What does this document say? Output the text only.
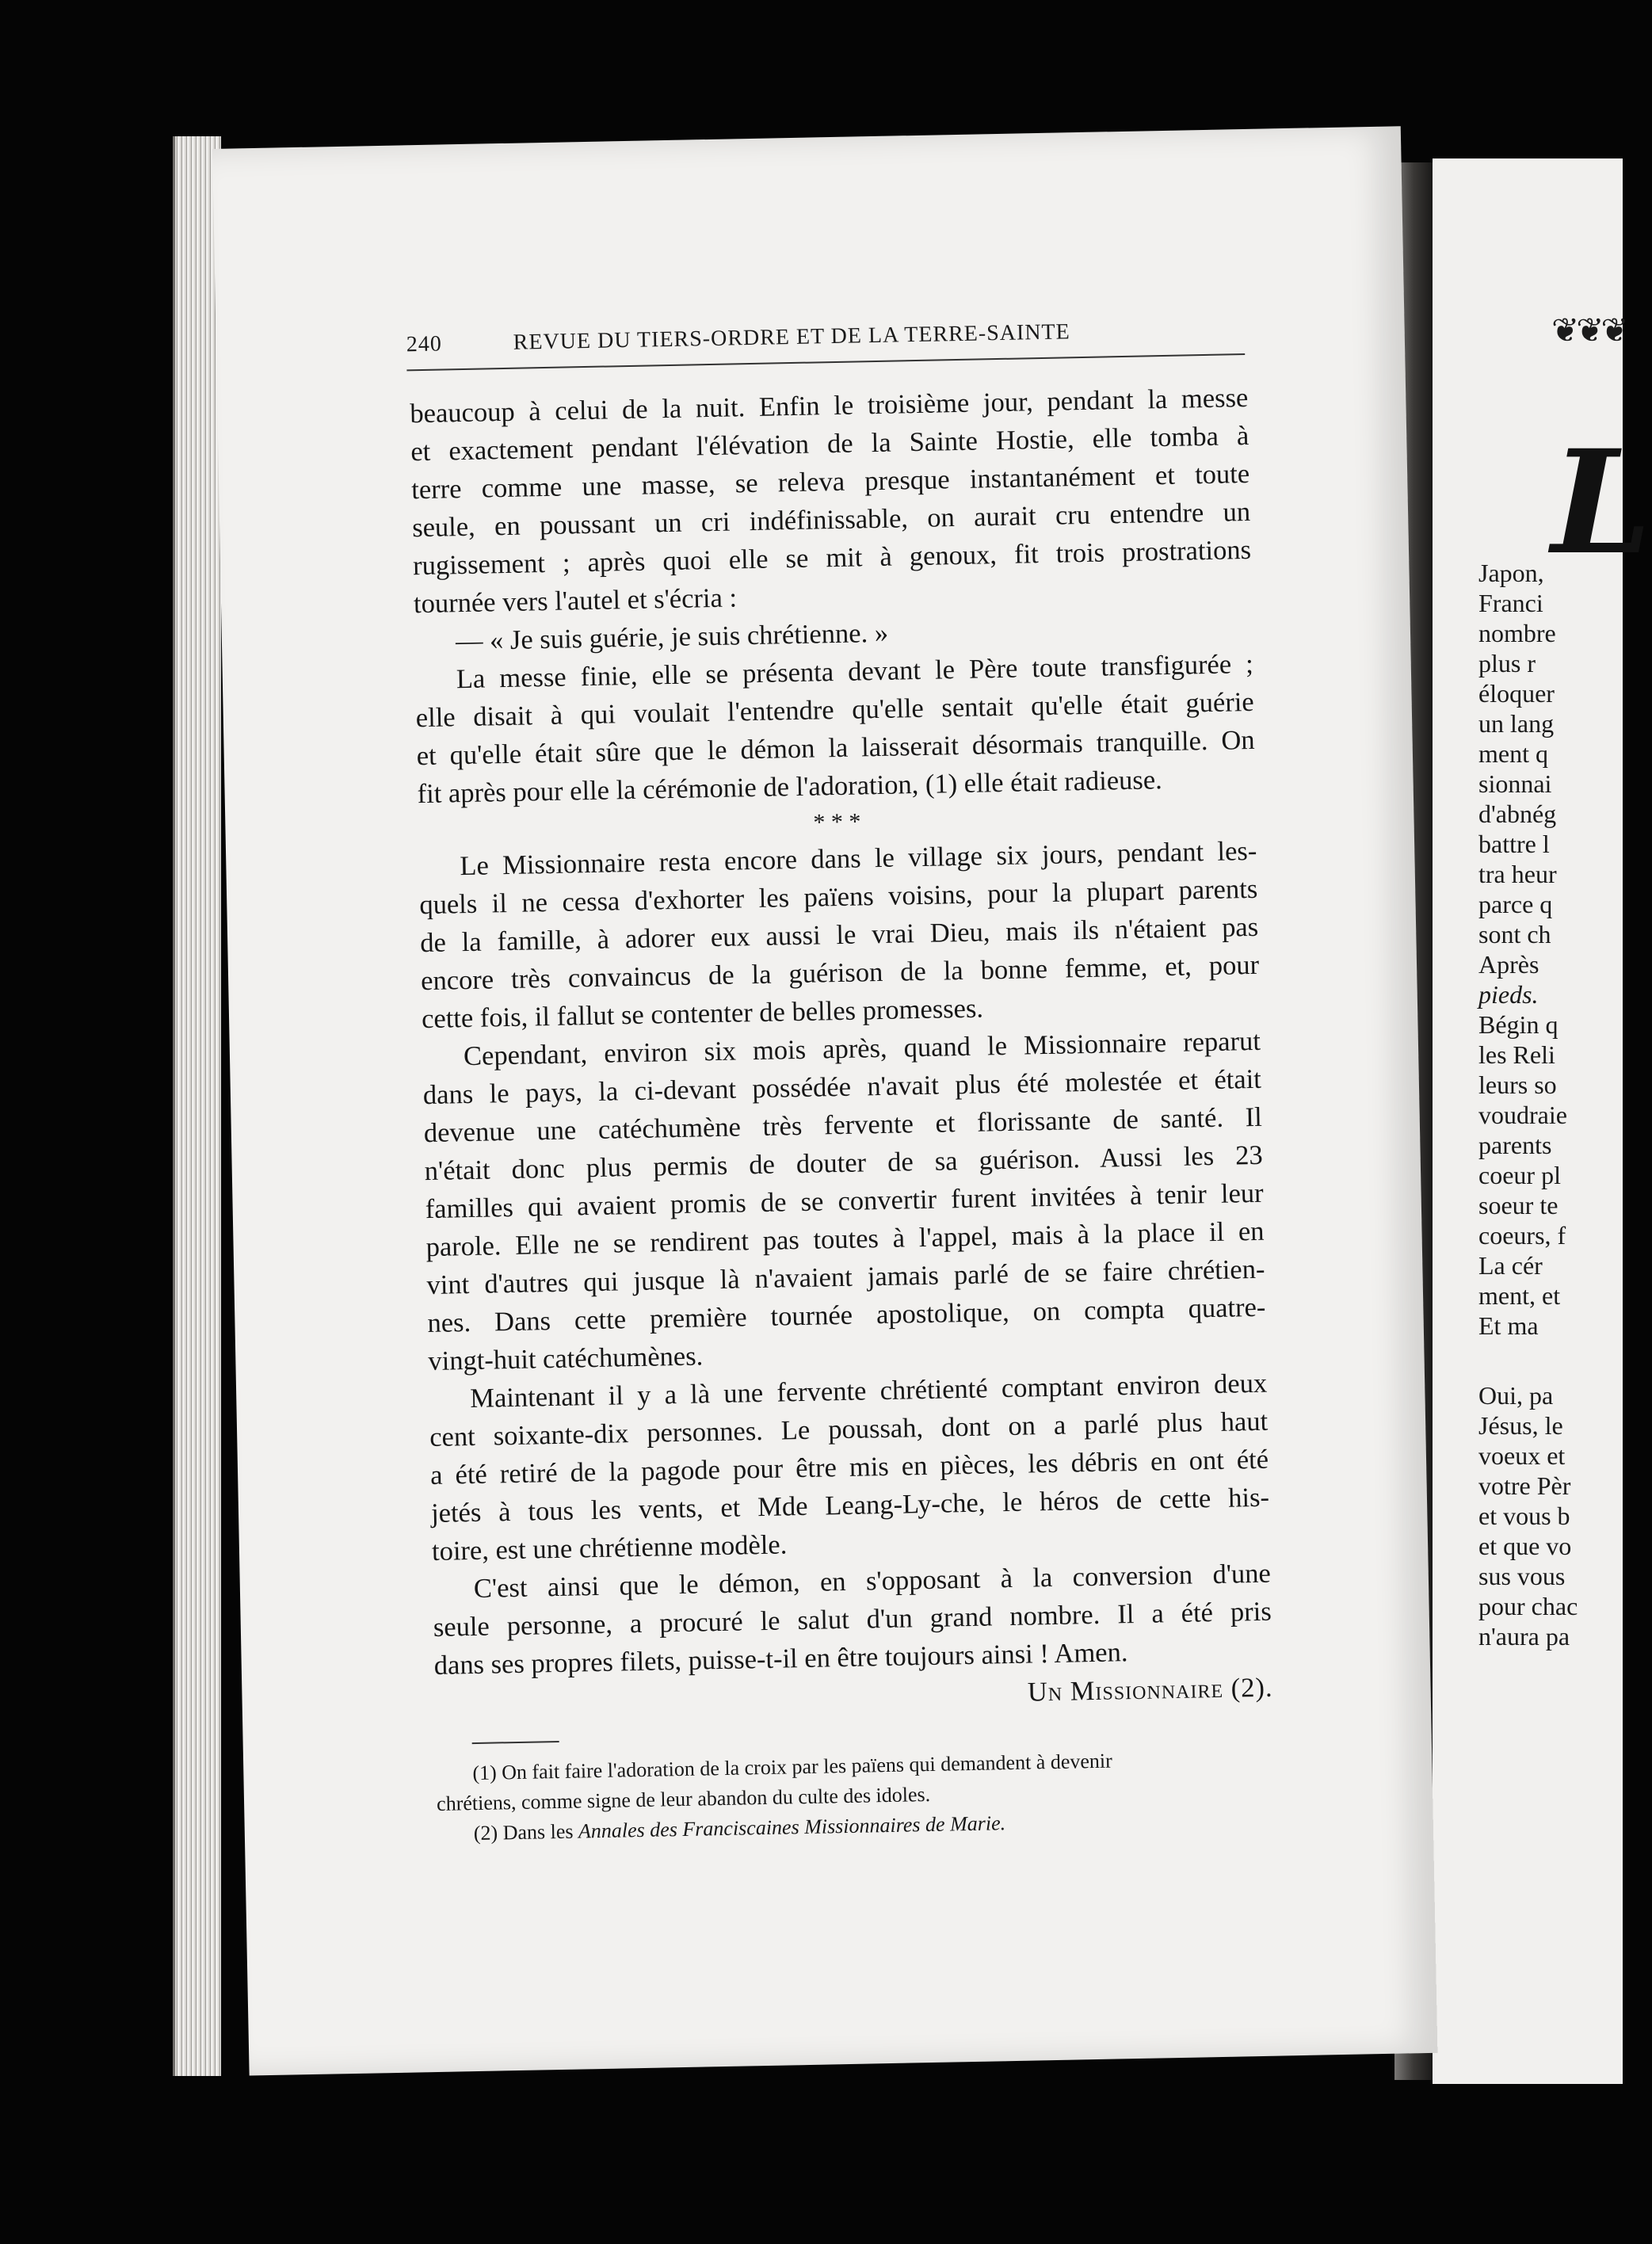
❦❦❦
L
Japon,
Franci
nombre
plus r
éloquer
un lang
ment q
sionnai
d'abnég
battre l
tra heur
parce q
sont ch
Après
pieds.
Bégin q
les Reli
leurs so
voudraie
parents
coeur pl
soeur te
coeurs, f
La cér
ment, et
Et ma
Oui, pa
Jésus, le
voeux et
votre Pèr
et vous b
et que vo
sus vous
pour chac
n'aura pa
240	REVUE DU TIERS-ORDRE ET DE LA TERRE-SAINTE
beaucoup à celui de la nuit. Enfin le troisième jour, pendant la messe
et exactement pendant l'élévation de la Sainte Hostie, elle tomba à
terre comme une masse, se releva presque instantanément et toute
seule, en poussant un cri indéfinissable, on aurait cru entendre un
rugissement ; après quoi elle se mit à genoux, fit trois prostrations
tournée vers l'autel et s'écria :
— « Je suis guérie, je suis chrétienne. »
La messe finie, elle se présenta devant le Père toute transfigurée ;
elle disait à qui voulait l'entendre qu'elle sentait qu'elle était guérie
et qu'elle était sûre que le démon la laisserait désormais tranquille. On
fit après pour elle la cérémonie de l'adoration, (1) elle était radieuse.
* * *
Le Missionnaire resta encore dans le village six jours, pendant les-
quels il ne cessa d'exhorter les païens voisins, pour la plupart parents
de la famille, à adorer eux aussi le vrai Dieu, mais ils n'étaient pas
encore très convaincus de la guérison de la bonne femme, et, pour
cette fois, il fallut se contenter de belles promesses.
Cependant, environ six mois après, quand le Missionnaire reparut
dans le pays, la ci-devant possédée n'avait plus été molestée et était
devenue une catéchumène très fervente et florissante de santé. Il
n'était donc plus permis de douter de sa guérison. Aussi les 23
familles qui avaient promis de se convertir furent invitées à tenir leur
parole. Elle ne se rendirent pas toutes à l'appel, mais à la place il en
vint d'autres qui jusque là n'avaient jamais parlé de se faire chrétien-
nes. Dans cette première tournée apostolique, on compta quatre-
vingt-huit catéchumènes.
Maintenant il y a là une fervente chrétienté comptant environ deux
cent soixante-dix personnes. Le poussah, dont on a parlé plus haut
a été retiré de la pagode pour être mis en pièces, les débris en ont été
jetés à tous les vents, et Mde Leang-Ly-che, le héros de cette his-
toire, est une chrétienne modèle.
C'est ainsi que le démon, en s'opposant à la conversion d'une
seule personne, a procuré le salut d'un grand nombre. Il a été pris
dans ses propres filets, puisse-t-il en être toujours ainsi ! Amen.
Un Missionnaire (2).
(1) On fait faire l'adoration de la croix par les païens qui demandent à devenir
chrétiens, comme signe de leur abandon du culte des idoles.
(2) Dans les Annales des Franciscaines Missionnaires de Marie.
